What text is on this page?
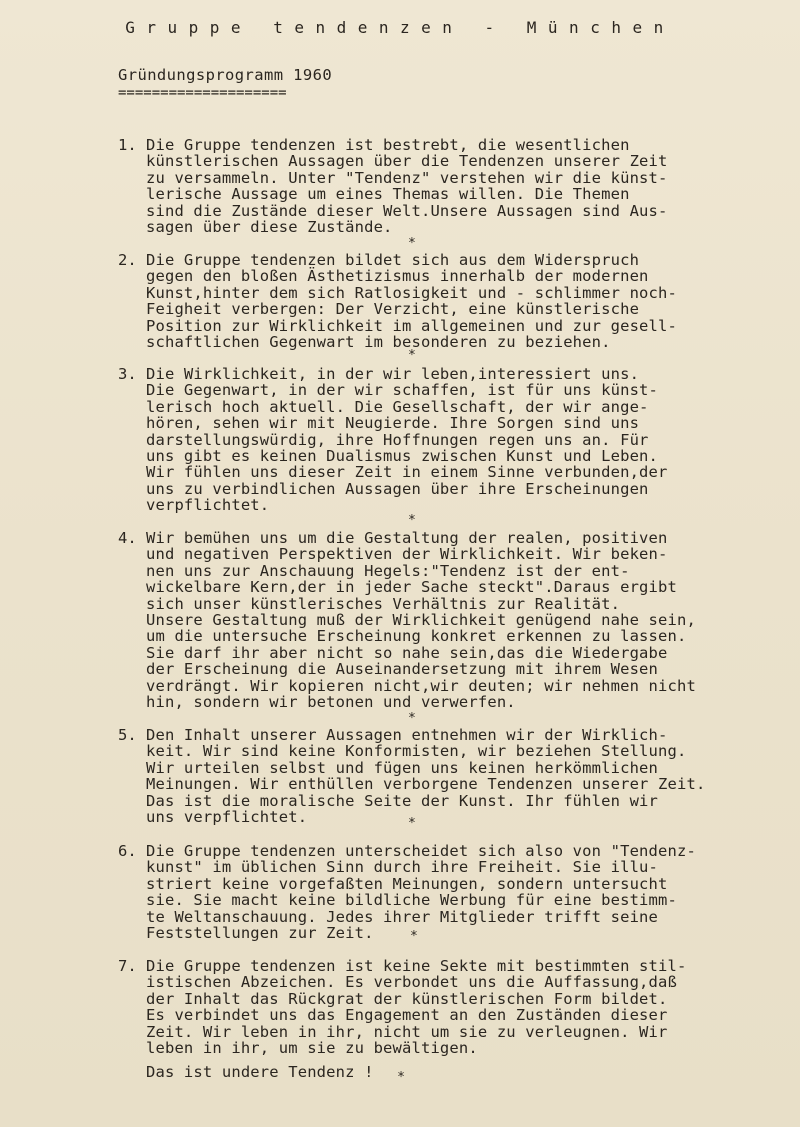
Gruppe tendenzen - München
Gründungsprogramm 1960
====================
1. Die Gruppe tendenzen ist bestrebt, die wesentlichen
künstlerischen Aussagen über die Tendenzen unserer Zeit
zu versammeln. Unter "Tendenz" verstehen wir die künst-
lerische Aussage um eines Themas willen. Die Themen
sind die Zustände dieser Welt.Unsere Aussagen sind Aus-
sagen über diese Zustände.
*
2. Die Gruppe tendenzen bildet sich aus dem Widerspruch
gegen den bloßen Ästhetizismus innerhalb der modernen
Kunst,hinter dem sich Ratlosigkeit und - schlimmer noch-
Feigheit verbergen: Der Verzicht, eine künstlerische
Position zur Wirklichkeit im allgemeinen und zur gesell-
schaftlichen Gegenwart im besonderen zu beziehen.
*
3. Die Wirklichkeit, in der wir leben,interessiert uns.
Die Gegenwart, in der wir schaffen, ist für uns künst-
lerisch hoch aktuell. Die Gesellschaft, der wir ange-
hören, sehen wir mit Neugierde. Ihre Sorgen sind uns
darstellungswürdig, ihre Hoffnungen regen uns an. Für
uns gibt es keinen Dualismus zwischen Kunst und Leben.
Wir fühlen uns dieser Zeit in einem Sinne verbunden,der
uns zu verbindlichen Aussagen über ihre Erscheinungen
verpflichtet.
*
4. Wir bemühen uns um die Gestaltung der realen, positiven
und negativen Perspektiven der Wirklichkeit. Wir beken-
nen uns zur Anschauung Hegels:"Tendenz ist der ent-
wickelbare Kern,der in jeder Sache steckt".Daraus ergibt
sich unser künstlerisches Verhältnis zur Realität.
Unsere Gestaltung muß der Wirklichkeit genügend nahe sein,
um die untersuche Erscheinung konkret erkennen zu lassen.
Sie darf ihr aber nicht so nahe sein,das die Wiedergabe
der Erscheinung die Auseinandersetzung mit ihrem Wesen
verdrängt. Wir kopieren nicht,wir deuten; wir nehmen nicht
hin, sondern wir betonen und verwerfen.
*
5. Den Inhalt unserer Aussagen entnehmen wir der Wirklich-
keit. Wir sind keine Konformisten, wir beziehen Stellung.
Wir urteilen selbst und fügen uns keinen herkömmlichen
Meinungen. Wir enthüllen verborgene Tendenzen unserer Zeit.
Das ist die moralische Seite der Kunst. Ihr fühlen wir
uns verpflichtet.	*
6. Die Gruppe tendenzen unterscheidet sich also von "Tendenz-
kunst" im üblichen Sinn durch ihre Freiheit. Sie illu-
striert keine vorgefaßten Meinungen, sondern untersucht
sie. Sie macht keine bildliche Werbung für eine bestimm-
te Weltanschauung. Jedes ihrer Mitglieder trifft seine
Feststellungen zur Zeit.	*
7. Die Gruppe tendenzen ist keine Sekte mit bestimmten stil-
istischen Abzeichen. Es verbondet uns die Auffassung,daß
der Inhalt das Rückgrat der künstlerischen Form bildet.
Es verbindet uns das Engagement an den Zuständen dieser
Zeit. Wir leben in ihr, nicht um sie zu verleugnen. Wir
leben in ihr, um sie zu bewältigen.
Das ist undere Tendenz ! $_*$
